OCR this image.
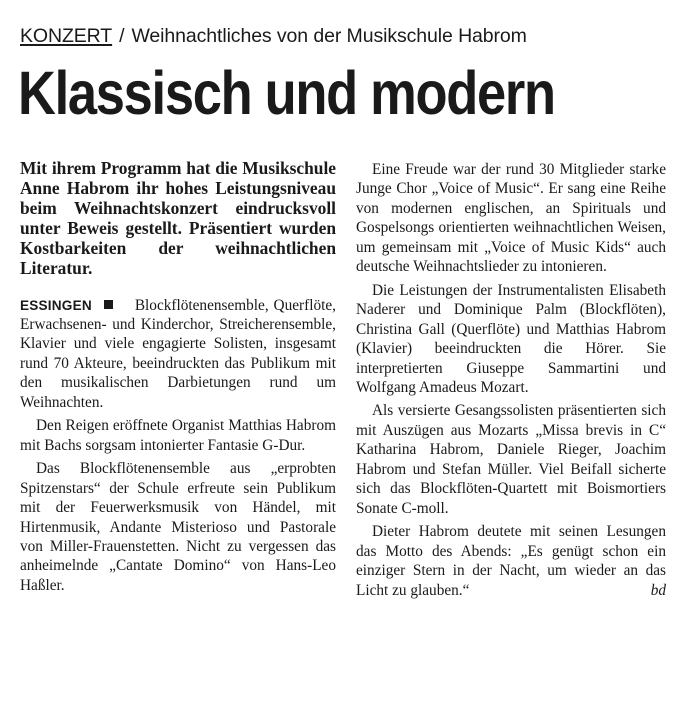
KONZERT / Weihnachtliches von der Musikschule Habrom
Klassisch und modern

Mit ihrem Programm hat die Musikschule Anne Habrom ihr hohes Leistungsniveau beim Weihnachtskonzert eindrucksvoll unter Beweis gestellt. Präsentiert wurden Kostbarkeiten der weihnachtlichen Literatur.

ESSINGEN	Blockflötenensemble, Querflöte, Erwachsenen- und Kinderchor, Streicherensemble, Klavier und viele engagierte Solisten, insgesamt rund 70 Akteure, beeindruckten das Publikum mit den musikalischen Darbietungen rund um Weihnachten.

Den Reigen eröffnete Organist Matthias Habrom mit Bachs sorgsam intonierter Fantasie G-Dur.

Das Blockflötenensemble aus „erprobten Spitzenstars“ der Schule erfreute sein Publikum mit der Feuerwerksmusik von Händel, mit Hirtenmusik, Andante Misterioso und Pastorale von Miller-Frauenstetten. Nicht zu vergessen das anheimelnde „Cantate Domino“ von Hans-Leo Haßler.

Eine Freude war der rund 30 Mitglieder starke Junge Chor „Voice of Music“. Er sang eine Reihe von modernen englischen, an Spirituals und Gospelsongs orientierten weihnachtlichen Weisen, um gemeinsam mit „Voice of Music Kids“ auch deutsche Weihnachtslieder zu intonieren.

Die Leistungen der Instrumentalisten Elisabeth Naderer und Dominique Palm (Blockflöten), Christina Gall (Querflöte) und Matthias Habrom (Klavier) beeindruckten die Hörer. Sie interpretierten Giuseppe Sammartini und Wolfgang Amadeus Mozart.

Als versierte Gesangssolisten präsentierten sich mit Auszügen aus Mozarts „Missa brevis in C“ Katharina Habrom, Daniele Rieger, Joachim Habrom und Stefan Müller. Viel Beifall sicherte sich das Blockflöten-Quartett mit Boismortiers Sonate C-moll.

Dieter Habrom deutete mit seinen Lesungen das Motto des Abends: „Es genügt schon ein einziger Stern in der Nacht, um wieder an das Licht zu glauben.“	bd
